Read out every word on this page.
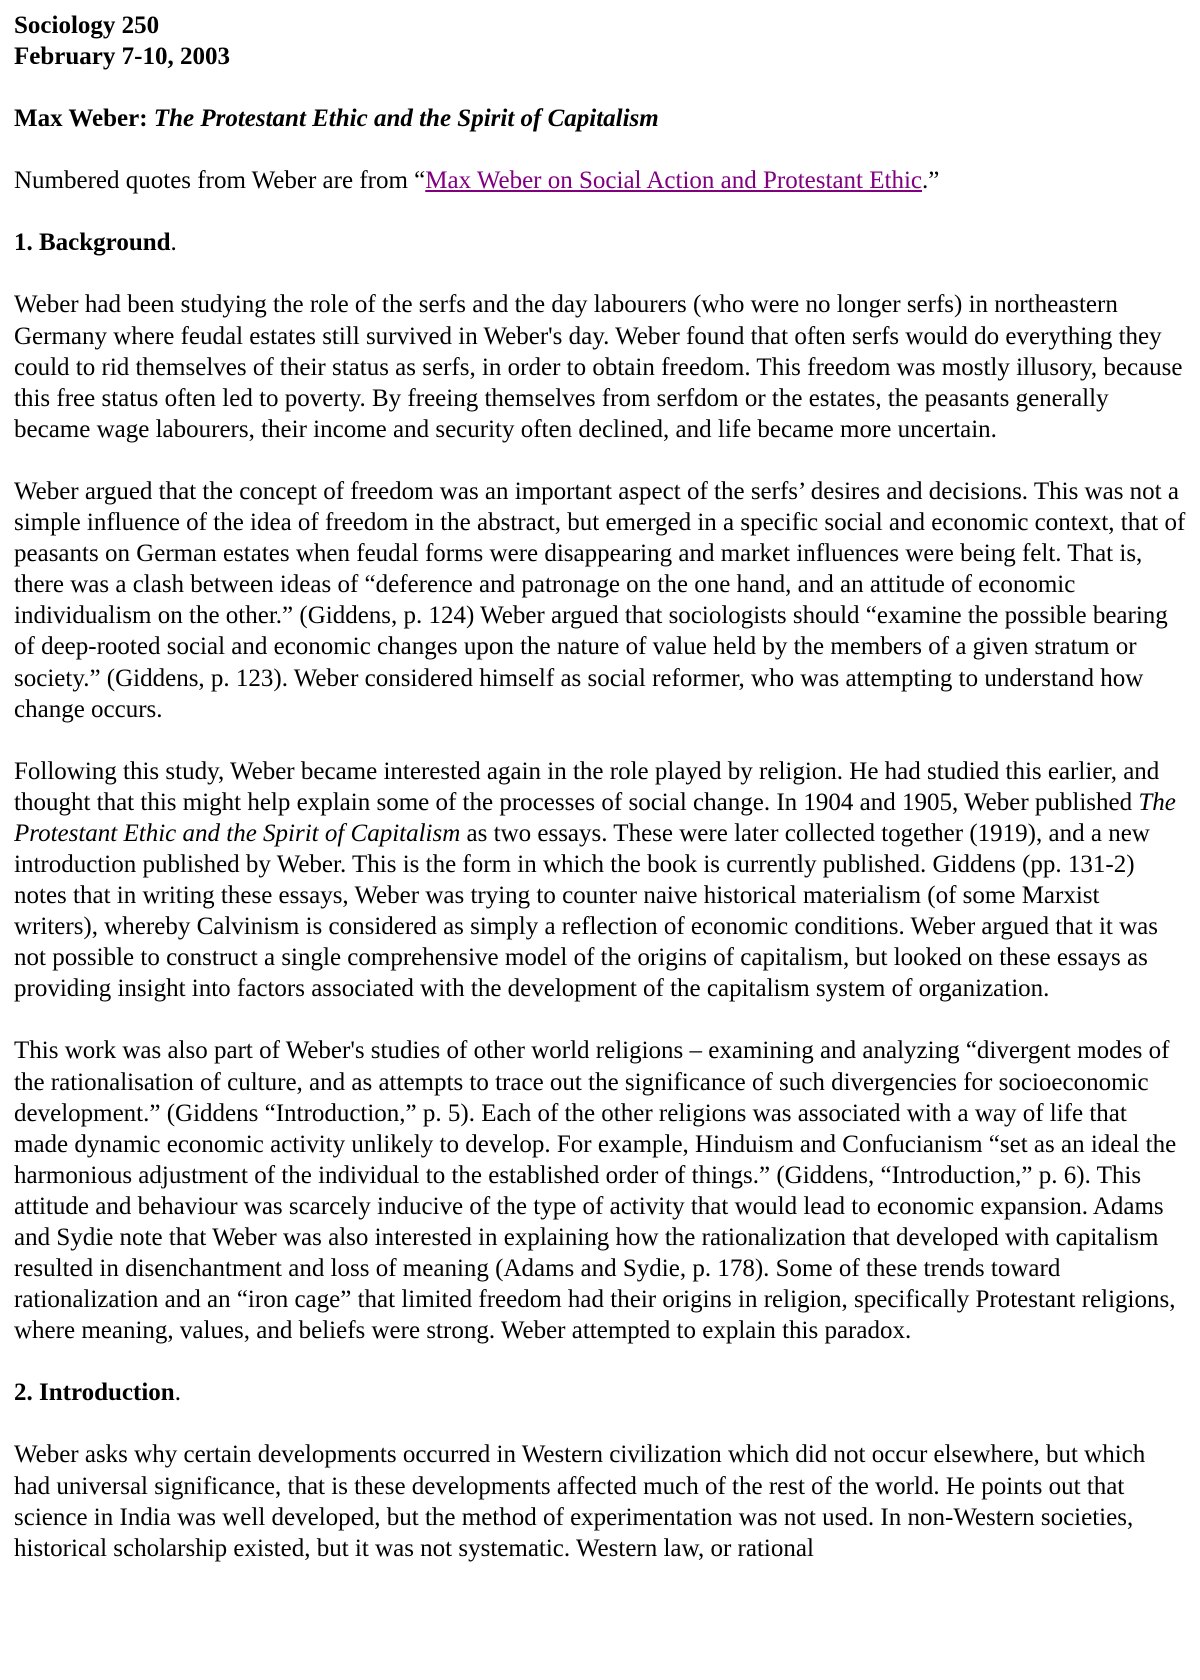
Sociology 250
February 7-10, 2003
Max Weber: The Protestant Ethic and the Spirit of Capitalism

Numbered quotes from Weber are from “Max Weber on Social Action and Protestant Ethic.”

1. Background.

Weber had been studying the role of the serfs and the day labourers (who were no longer serfs) in northeastern Germany where feudal estates still survived in Weber's day. Weber found that often serfs would do everything they could to rid themselves of their status as serfs, in order to obtain freedom. This freedom was mostly illusory, because this free status often led to poverty. By freeing themselves from serfdom or the estates, the peasants generally became wage labourers, their income and security often declined, and life became more uncertain.

Weber argued that the concept of freedom was an important aspect of the serfs’ desires and decisions. This was not a simple influence of the idea of freedom in the abstract, but emerged in a specific social and economic context, that of peasants on German estates when feudal forms were disappearing and market influences were being felt. That is, there was a clash between ideas of “deference and patronage on the one hand, and an attitude of economic individualism on the other.” (Giddens, p. 124) Weber argued that sociologists should “examine the possible bearing of deep-rooted social and economic changes upon the nature of value held by the members of a given stratum or society.” (Giddens, p. 123). Weber considered himself as social reformer, who was attempting to understand how change occurs.

Following this study, Weber became interested again in the role played by religion. He had studied this earlier, and thought that this might help explain some of the processes of social change. In 1904 and 1905, Weber published The Protestant Ethic and the Spirit of Capitalism as two essays. These were later collected together (1919), and a new introduction published by Weber. This is the form in which the book is currently published. Giddens (pp. 131-2) notes that in writing these essays, Weber was trying to counter naive historical materialism (of some Marxist writers), whereby Calvinism is considered as simply a reflection of economic conditions. Weber argued that it was not possible to construct a single comprehensive model of the origins of capitalism, but looked on these essays as providing insight into factors associated with the development of the capitalism system of organization.

This work was also part of Weber's studies of other world religions – examining and analyzing “divergent modes of the rationalisation of culture, and as attempts to trace out the significance of such divergencies for socioeconomic development.” (Giddens “Introduction,” p. 5). Each of the other religions was associated with a way of life that made dynamic economic activity unlikely to develop. For example, Hinduism and Confucianism “set as an ideal the harmonious adjustment of the individual to the established order of things.” (Giddens, “Introduction,” p. 6). This attitude and behaviour was scarcely inducive of the type of activity that would lead to economic expansion. Adams and Sydie note that Weber was also interested in explaining how the rationalization that developed with capitalism resulted in disenchantment and loss of meaning (Adams and Sydie, p. 178). Some of these trends toward rationalization and an “iron cage” that limited freedom had their origins in religion, specifically Protestant religions, where meaning, values, and beliefs were strong. Weber attempted to explain this paradox.

2. Introduction.

Weber asks why certain developments occurred in Western civilization which did not occur elsewhere, but which had universal significance, that is these developments affected much of the rest of the world. He points out that science in India was well developed, but the method of experimentation was not used. In non-Western societies, historical scholarship existed, but it was not systematic. Western law, or rational
